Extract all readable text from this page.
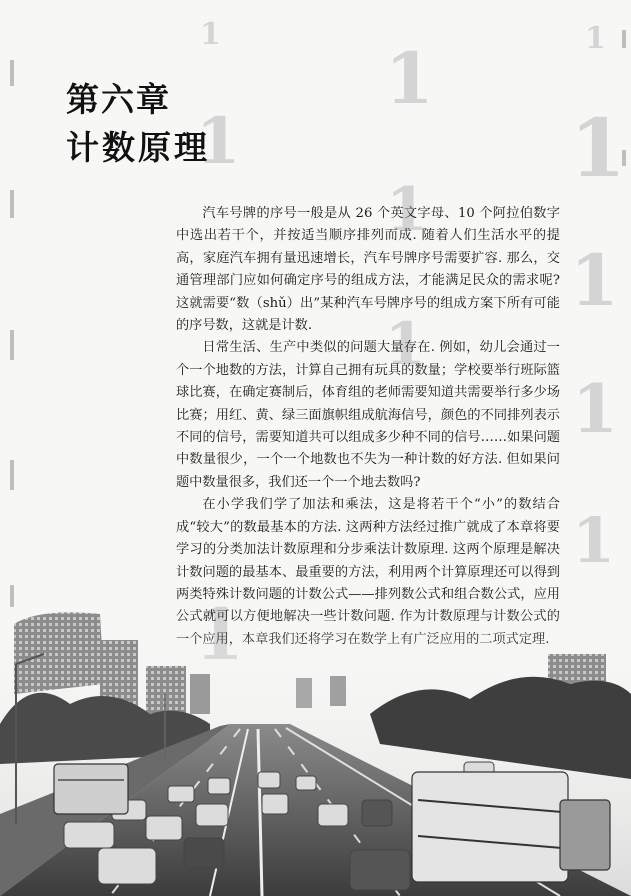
1
1	1
1
1
1
1
1
1	1
第六章
计数原理

汽车号牌的序号一般是从 26 个英文字母、10 个阿拉伯数字中选出若干个，并按适当顺序排列而成. 随着人们生活水平的提高，家庭汽车拥有量迅速增长，汽车号牌序号需要扩容. 那么，交通管理部门应如何确定序号的组成方法，才能满足民众的需求呢? 这就需要“数（shǔ）出”某种汽车号牌序号的组成方案下所有可能的序号数，这就是计数.

日常生活、生产中类似的问题大量存在. 例如，幼儿会通过一个一个地数的方法，计算自己拥有玩具的数量；学校要举行班际篮球比赛，在确定赛制后，体育组的老师需要知道共需要举行多少场比赛；用红、黄、绿三面旗帜组成航海信号，颜色的不同排列表示不同的信号，需要知道共可以组成多少种不同的信号……如果问题中数量很少，一个一个地数也不失为一种计数的好方法. 但如果问题中数量很多，我们还一个一个地去数吗?

在小学我们学了加法和乘法，这是将若干个“小”的数结合成“较大”的数最基本的方法. 这两种方法经过推广就成了本章将要学习的分类加法计数原理和分步乘法计数原理. 这两个原理是解决计数问题的最基本、最重要的方法，利用两个计算原理还可以得到两类特殊计数问题的计数公式——排列数公式和组合数公式，应用
